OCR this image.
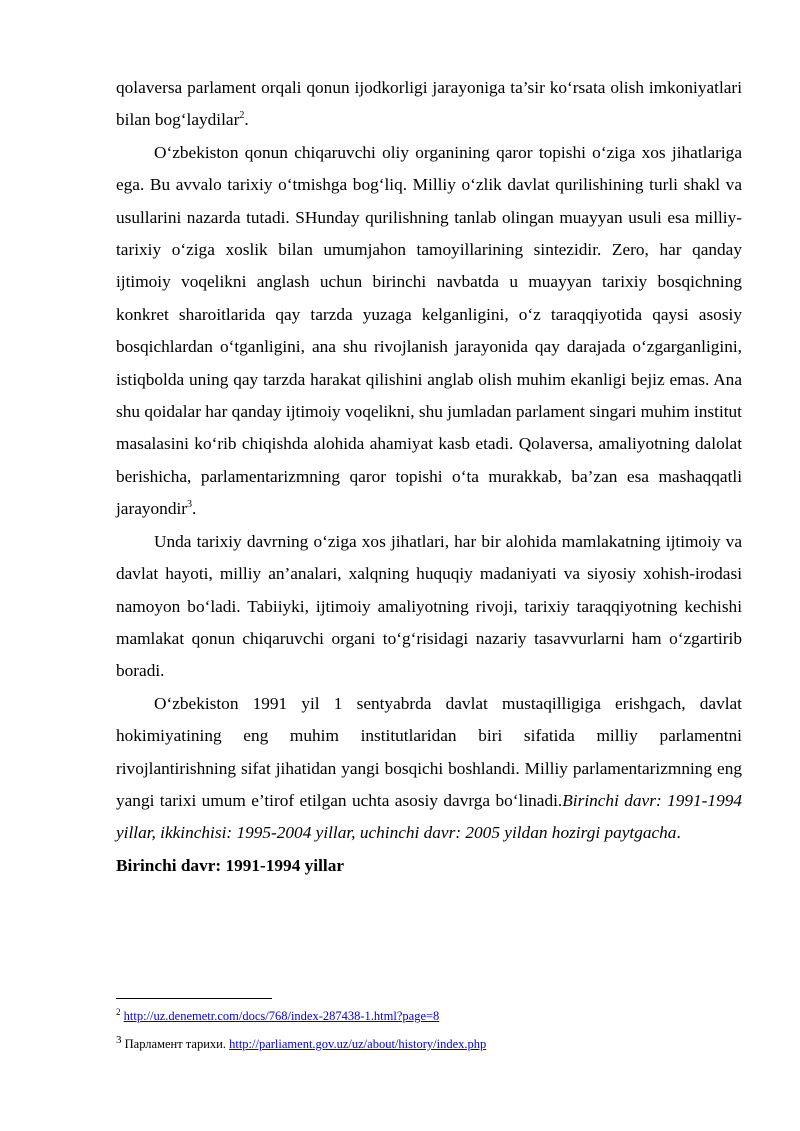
qolaversa parlament orqali qonun ijodkorligi jarayoniga ta’sir ko‘rsata olish imkoniyatlari bilan bog‘laydilar$^2$.

O‘zbekiston qonun chiqaruvchi oliy organining qaror topishi o‘ziga xos jihatlariga ega. Bu avvalo tarixiy o‘tmishga bog‘liq. Milliy o‘zlik davlat qurilishining turli shakl va usullarini nazarda tutadi. SHunday qurilishning tanlab olingan muayyan usuli esa milliy-tarixiy o‘ziga xoslik bilan umumjahon tamoyillarining sintezidir. Zero, har qanday ijtimoiy voqelikni anglash uchun birinchi navbatda u muayyan tarixiy bosqichning konkret sharoitlarida qay tarzda yuzaga kelganligini, o‘z taraqqiyotida qaysi asosiy bosqichlardan o‘tganligini, ana shu rivojlanish jarayonida qay darajada o‘zgarganligini, istiqbolda uning qay tarzda harakat qilishini anglab olish muhim ekanligi bejiz emas. Ana shu qoidalar har qanday ijtimoiy voqelikni, shu jumladan parlament singari muhim institut masalasini ko‘rib chiqishda alohida ahamiyat kasb etadi. Qolaversa, amaliyotning dalolat berishicha, parlamentarizmning qaror topishi o‘ta murakkab, ba’zan esa mashaqqatli jarayondir$^3$.

Unda tarixiy davrning o‘ziga xos jihatlari, har bir alohida mamlakatning ijtimoiy va davlat hayoti, milliy an’analari, xalqning huquqiy madaniyati va siyosiy xohish-irodasi namoyon bo‘ladi. Tabiiyki, ijtimoiy amaliyotning rivoji, tarixiy taraqqiyotning kechishi mamlakat qonun chiqaruvchi organi to‘g‘risidagi nazariy tasavvurlarni ham o‘zgartirib boradi.

O‘zbekiston 1991 yil 1 sentyabrda davlat mustaqilligiga erishgach, davlat hokimiyatining eng muhim institutlaridan biri sifatida milliy parlamentni rivojlantirishning sifat jihatidan yangi bosqichi boshlandi. Milliy parlamentarizmning eng yangi tarixi umum e’tirof etilgan uchta asosiy davrga bo‘linadi.Birinchi davr: 1991-1994 yillar, ikkinchisi: 1995-2004 yillar, uchinchi davr: 2005 yildan hozirgi paytgacha.

Birinchi davr: 1991-1994 yillar

$^2$ http://uz.denemetr.com/docs/768/index-287438-1.html?page=8

3 Парламент тарихи. http://parliament.gov.uz/uz/about/history/index.php
